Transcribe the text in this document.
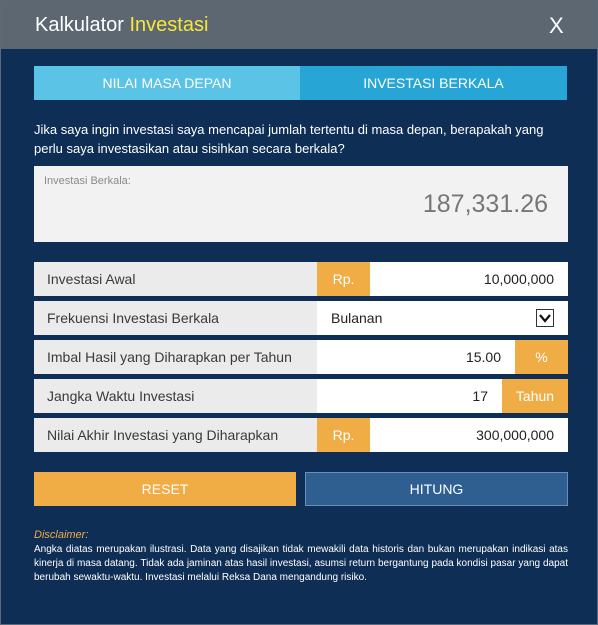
Kalkulator Investasi	X
NILAI MASA DEPAN	INVESTASI BERKALA
Jika saya ingin investasi saya mencapai jumlah tertentu di masa depan, berapakah yang perlu saya investasikan atau sisihkan secara berkala?
Investasi Berkala:
187,331.26
Investasi Awal	Rp.	10,000,000
Frekuensi Investasi Berkala	Bulanan
Imbal Hasil yang Diharapkan per Tahun	15.00	%
Jangka Waktu Investasi	17	Tahun
Nilai Akhir Investasi yang Diharapkan	Rp.	300,000,000
RESET	HITUNG
Disclaimer:
Angka diatas merupakan ilustrasi. Data yang disajikan tidak mewakili data historis dan bukan merupakan indikasi atas kinerja di masa datang. Tidak ada jaminan atas hasil investasi, asumsi return bergantung pada kondisi pasar yang dapat berubah sewaktu-waktu. Investasi melalui Reksa Dana mengandung risiko.
